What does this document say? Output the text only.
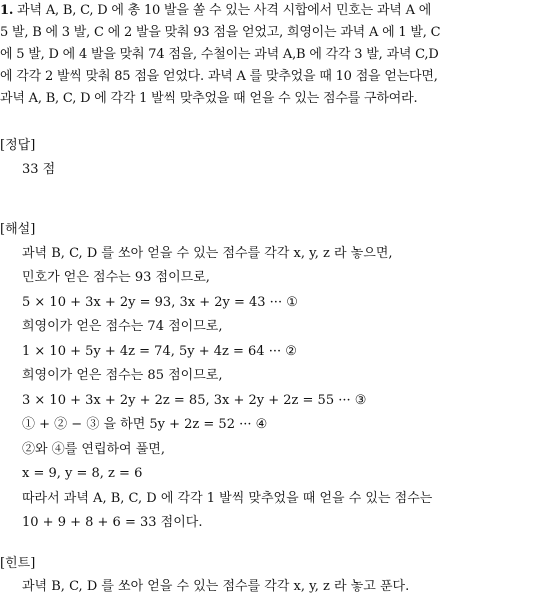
1. 과녁 A, B, C, D 에 총 10 발을 쏠 수 있는 사격 시합에서 민호는 과녁 A 에
5 발, B 에 3 발, C 에 2 발을 맞춰 93 점을 얻었고, 희영이는 과녁 A 에 1 발, C
에 5 발, D 에 4 발을 맞춰 74 점을, 수철이는 과녁 A,B 에 각각 3 발, 과녁 C,D
에 각각 2 발씩 맞춰 85 점을 얻었다. 과녁 A 를 맞추었을 때 10 점을 얻는다면,
과녁 A, B, C, D 에 각각 1 발씩 맞추었을 때 얻을 수 있는 점수를 구하여라.
[정답]
33 점
[해설]
과녁 B, C, D 를 쏘아 얻을 수 있는 점수를 각각 x, y, z 라 놓으면,
민호가 얻은 점수는 93 점이므로,
5 × 10 + 3x + 2y = 93, 3x + 2y = 43 ··· ①
희영이가 얻은 점수는 74 점이므로,
1 × 10 + 5y + 4z = 74, 5y + 4z = 64 ··· ②
희영이가 얻은 점수는 85 점이므로,
3 × 10 + 3x + 2y + 2z = 85, 3x + 2y + 2z = 55 ··· ③
① + ② − ③ 을 하면 5y + 2z = 52 ··· ④
②와 ④를 연립하여 풀면,
x = 9, y = 8, z = 6
따라서 과녁 A, B, C, D 에 각각 1 발씩 맞추었을 때 얻을 수 있는 점수는
10 + 9 + 8 + 6 = 33 점이다.
[힌트]
과녁 B, C, D 를 쏘아 얻을 수 있는 점수를 각각 x, y, z 라 놓고 푼다.
